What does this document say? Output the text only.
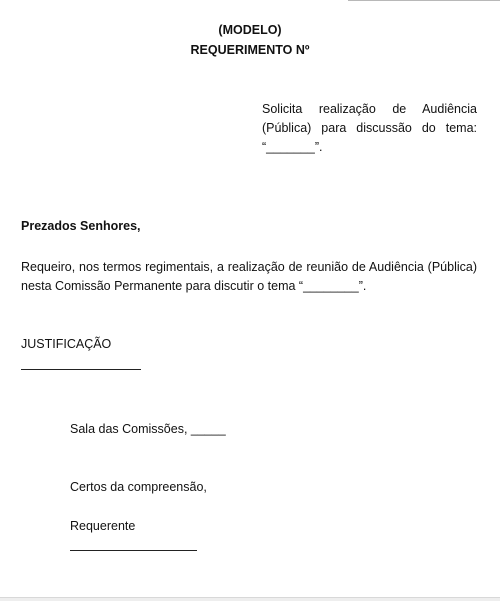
(MODELO)
REQUERIMENTO Nº
Solicita realização de Audiência
(Pública) para discussão do tema:
“_______”.
Prezados Senhores,
Requeiro, nos termos regimentais, a realização de reunião de Audiência (Pública)
nesta Comissão Permanente para discutir o tema “________”.
JUSTIFICAÇÃO
Sala das Comissões, _____
Certos da compreensão,
Requerente
